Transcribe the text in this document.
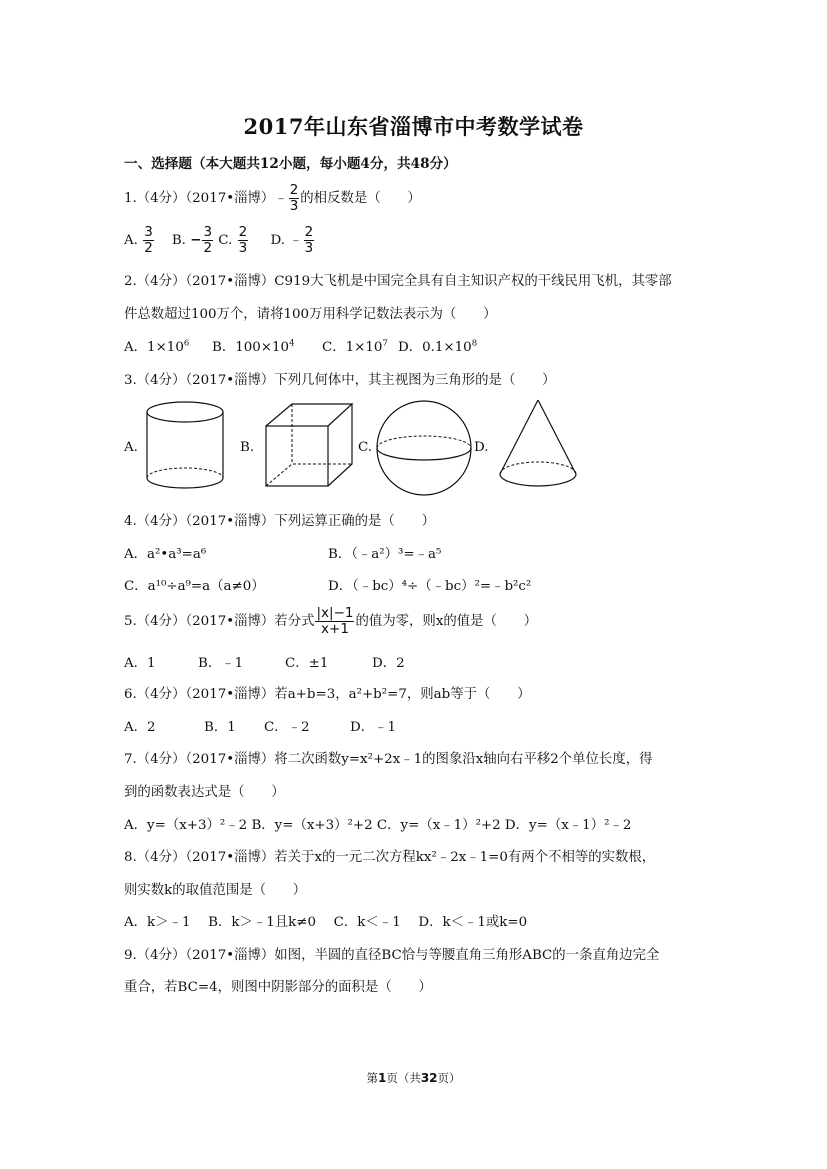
2017年山东省淄博市中考数学试卷
一、选择题（本大题共12小题，每小题4分，共48分）
1.（4分）（2017•淄博）﹣ $\frac{2}{3}$ 的相反数是（　　）
A. $\frac{3}{2} B$. − $\frac{3}{2} C$. $\frac{2}{3} D$. ﹣ $\frac{2}{3}$
2.（4分）（2017•淄博）C919大飞机是中国完全具有自主知识产权的干线民用飞机，其零部
件总数超过100万个，请将100万用科学记数法表示为（　　）
A．$1\times 10^6$ B．$100\times 10^4$ C．$1\times 10^7$ D．$0.1\times 10^8$
3.（4分）（2017•淄博）下列几何体中，其主视图为三角形的是（　　）
A.	B.	C.	D.
4.（4分）（2017•淄博）下列运算正确的是（　　）
A．a²•a³=a⁶	B．（﹣a²）³=﹣a⁵
C．a¹⁰÷a⁹=a（a≠0）	D．（﹣bc）⁴÷（﹣bc）²=﹣b²c²
5.（4分）（2017•淄博）若分式 $\frac{|x|-1}{x+1}$ 的值为零，则x的值是（　　）
A．1	B．﹣1	C．±1	D．2
6.（4分）（2017•淄博）若a+b=3，a²+b²=7，则ab等于（　　）
A．2	B．1 C．﹣2	D．﹣1
7.（4分）（2017•淄博）将二次函数y=x²+2x﹣1的图象沿x轴向右平移2个单位长度，得
到的函数表达式是（　　）
A．y=（x+3）²﹣2 B．y=（x+3）²+2 C．y=（x﹣1）²+2 D．y=（x﹣1）²﹣2
8.（4分）（2017•淄博）若关于x的一元二次方程kx²﹣2x﹣1=0有两个不相等的实数根，
则实数k的取值范围是（　　）
A．k＞﹣1　 B．k＞﹣1且k≠0　 C．k＜﹣1　 D．k＜﹣1或k=0
9.（4分）（2017•淄博）如图，半圆的直径BC恰与等腰直角三角形ABC的一条直角边完全
重合，若BC=4，则图中阴影部分的面积是（　　）
第1页（共32页）
